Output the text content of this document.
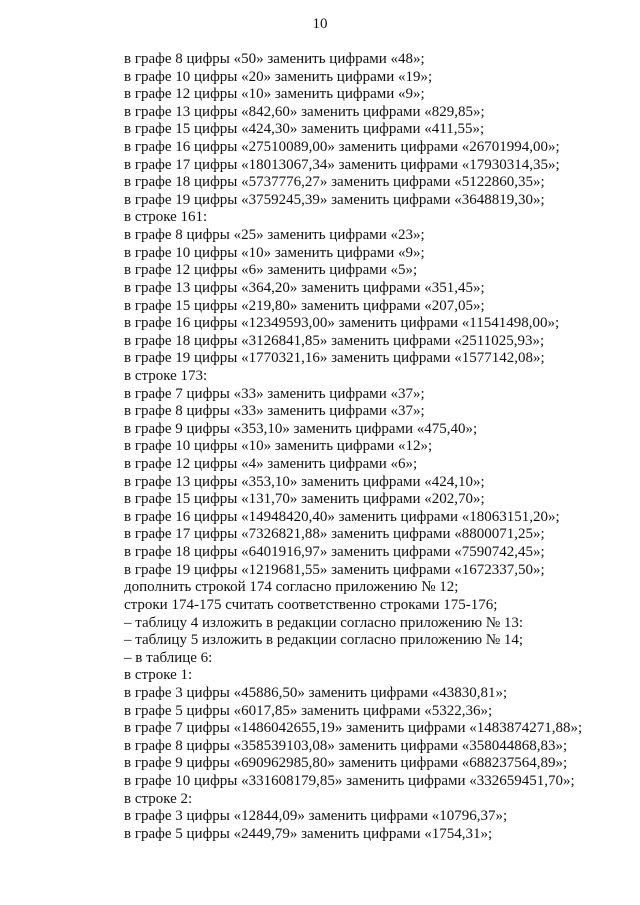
10
в графе 8 цифры «50» заменить цифрами «48»;
в графе 10 цифры «20» заменить цифрами «19»;
в графе 12 цифры «10» заменить цифрами «9»;
в графе 13 цифры «842,60» заменить цифрами «829,85»;
в графе 15 цифры «424,30» заменить цифрами «411,55»;
в графе 16 цифры «27510089,00» заменить цифрами «26701994,00»;
в графе 17 цифры «18013067,34» заменить цифрами «17930314,35»;
в графе 18 цифры «5737776,27» заменить цифрами «5122860,35»;
в графе 19 цифры «3759245,39» заменить цифрами «3648819,30»;
в строке 161:
в графе 8 цифры «25» заменить цифрами «23»;
в графе 10 цифры «10» заменить цифрами «9»;
в графе 12 цифры «6» заменить цифрами «5»;
в графе 13 цифры «364,20» заменить цифрами «351,45»;
в графе 15 цифры «219,80» заменить цифрами «207,05»;
в графе 16 цифры «12349593,00» заменить цифрами «11541498,00»;
в графе 18 цифры «3126841,85» заменить цифрами «2511025,93»;
в графе 19 цифры «1770321,16» заменить цифрами «1577142,08»;
в строке 173:
в графе 7 цифры «33» заменить цифрами «37»;
в графе 8 цифры «33» заменить цифрами «37»;
в графе 9 цифры «353,10» заменить цифрами «475,40»;
в графе 10 цифры «10» заменить цифрами «12»;
в графе 12 цифры «4» заменить цифрами «6»;
в графе 13 цифры «353,10» заменить цифрами «424,10»;
в графе 15 цифры «131,70» заменить цифрами «202,70»;
в графе 16 цифры «14948420,40» заменить цифрами «18063151,20»;
в графе 17 цифры «7326821,88» заменить цифрами «8800071,25»;
в графе 18 цифры «6401916,97» заменить цифрами «7590742,45»;
в графе 19 цифры «1219681,55» заменить цифрами «1672337,50»;
дополнить строкой 174 согласно приложению № 12;
строки 174-175 считать соответственно строками 175-176;
– таблицу 4 изложить в редакции согласно приложению № 13:
– таблицу 5 изложить в редакции согласно приложению № 14;
– в таблице 6:
в строке 1:
в графе 3 цифры «45886,50» заменить цифрами «43830,81»;
в графе 5 цифры «6017,85» заменить цифрами «5322,36»;
в графе 7 цифры «1486042655,19» заменить цифрами «1483874271,88»;
в графе 8 цифры «358539103,08» заменить цифрами «358044868,83»;
в графе 9 цифры «690962985,80» заменить цифрами «688237564,89»;
в графе 10 цифры «331608179,85» заменить цифрами «332659451,70»;
в строке 2:
в графе 3 цифры «12844,09» заменить цифрами «10796,37»;
в графе 5 цифры «2449,79» заменить цифрами «1754,31»;
